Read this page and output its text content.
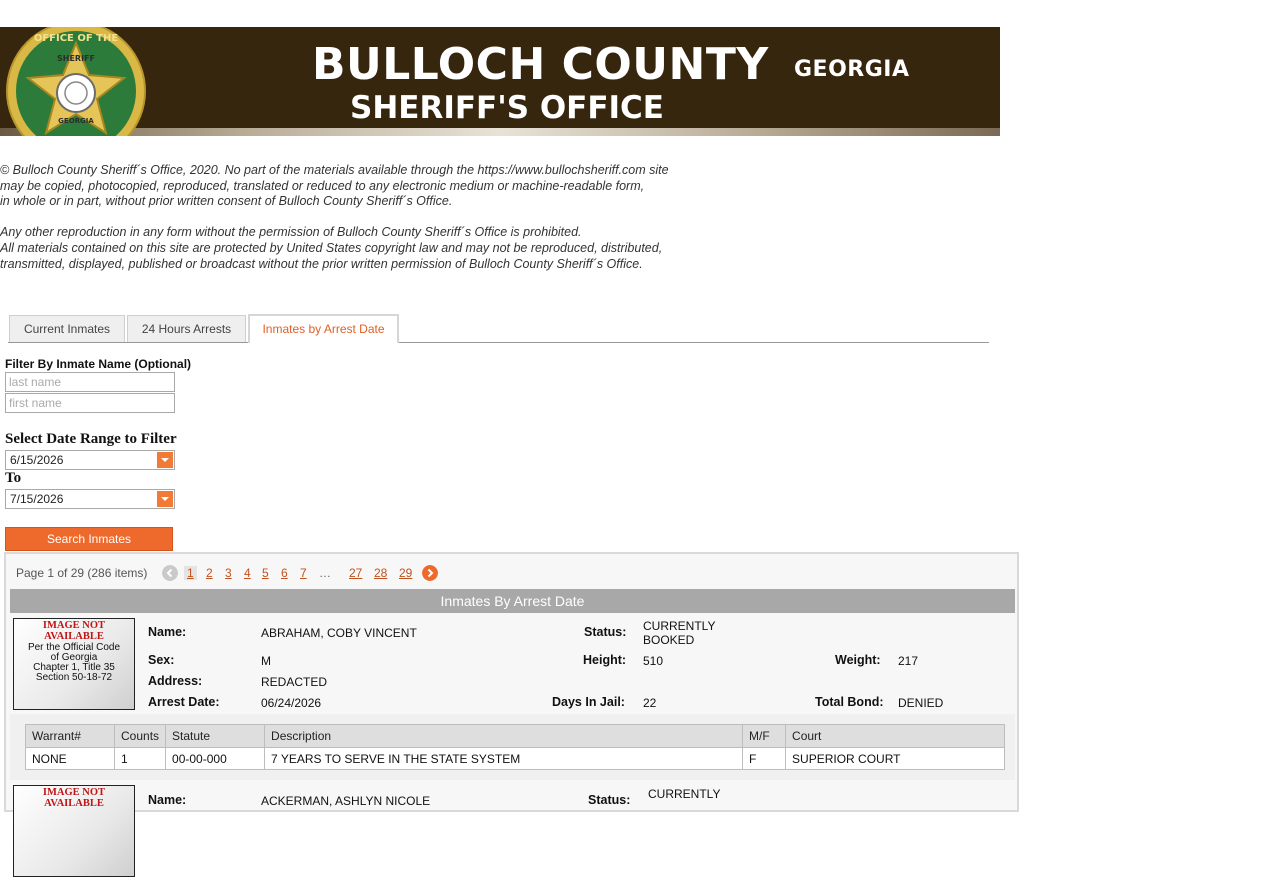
OFFICE OF THE
SHERIFF
GEORGIA
BULLOCH
BULLOCH COUNTY
SHERIFF'S OFFICE
GEORGIA
© Bulloch County Sheriff´s Office, 2020. No part of the materials available through the https://www.bullochsheriff.com site
may be copied, photocopied, reproduced, translated or reduced to any electronic medium or machine-readable form,
in whole or in part, without prior written consent of Bulloch County Sheriff´s Office.
Any other reproduction in any form without the permission of Bulloch County Sheriff´s Office is prohibited.
All materials contained on this site are protected by United States copyright law and may not be reproduced, distributed,
transmitted, displayed, published or broadcast without the prior written permission of Bulloch County Sheriff´s Office.
Current Inmates	24 Hours Arrests	Inmates by Arrest Date
Filter By Inmate Name (Optional)
last name
first name
Select Date Range to Filter
6/15/2026
To
7/15/2026
Search Inmates
Page 1 of 29 (286 items)	1 2 3 4 5 6 7 … 27 28 29
Inmates By Arrest Date
IMAGE NOT AVAILABLE
Per the Official Code
of Georgia
Chapter 1, Title 35
Section 50-18-72
Name:	ABRAHAM, COBY VINCENT	Status: CURRENTLY
BOOKED
Sex:	M	Height: 510	Weight: 217
Address:	REDACTED
Arrest Date:	06/24/2026	Days In Jail: 22	Total Bond: DENIED
Warrant#	Counts	Statute	Description	M/F	Court
NONE	1	00-00-000	7 YEARS TO SERVE IN THE STATE SYSTEM	F	SUPERIOR COURT
IMAGE NOT AVAILABLE	Name:	ACKERMAN, ASHLYN NICOLE	Status: CURRENTLY
